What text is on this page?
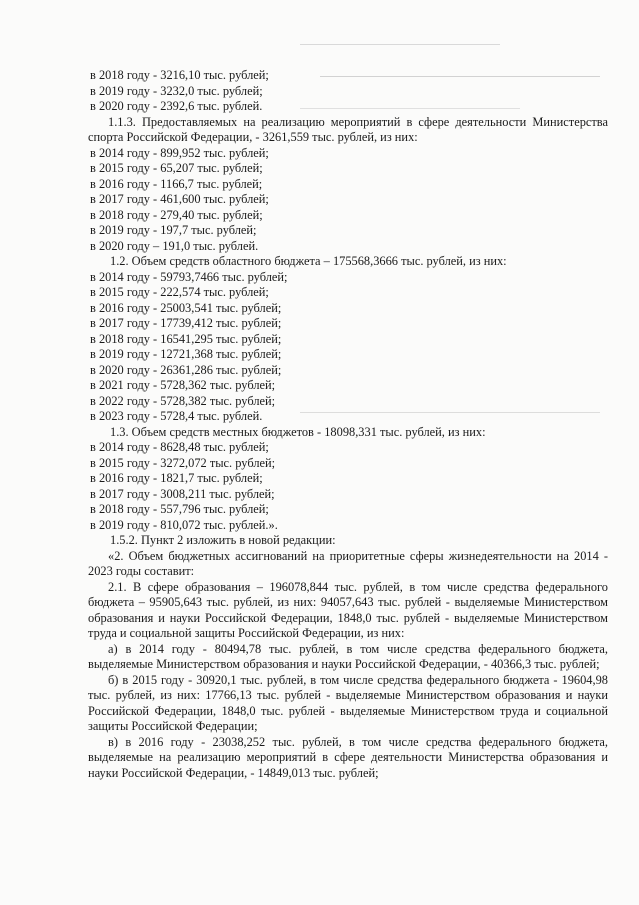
в 2018 году - 3216,10 тыс. рублей;
в 2019 году - 3232,0 тыс. рублей;
в 2020 году - 2392,6 тыс. рублей.

1.1.3. Предоставляемых на реализацию мероприятий в сфере деятельности Министерства спорта Российской Федерации, - 3261,559 тыс. рублей, из них:

в 2014 году - 899,952 тыс. рублей;
в 2015 году - 65,207 тыс. рублей;
в 2016 году - 1166,7 тыс. рублей;
в 2017 году - 461,600 тыс. рублей;
в 2018 году - 279,40 тыс. рублей;
в 2019 году - 197,7 тыс. рублей;
в 2020 году – 191,0 тыс. рублей.
1.2. Объем средств областного бюджета – 175568,3666 тыс. рублей, из них:
в 2014 году - 59793,7466 тыс. рублей;
в 2015 году - 222,574 тыс. рублей;
в 2016 году - 25003,541 тыс. рублей;
в 2017 году - 17739,412 тыс. рублей;
в 2018 году - 16541,295 тыс. рублей;
в 2019 году - 12721,368 тыс. рублей;
в 2020 году - 26361,286 тыс. рублей;
в 2021 году - 5728,362 тыс. рублей;
в 2022 году - 5728,382 тыс. рублей;
в 2023 году - 5728,4 тыс. рублей.
1.3. Объем средств местных бюджетов - 18098,331 тыс. рублей, из них:
в 2014 году - 8628,48 тыс. рублей;
в 2015 году - 3272,072 тыс. рублей;
в 2016 году - 1821,7 тыс. рублей;
в 2017 году - 3008,211 тыс. рублей;
в 2018 году - 557,796 тыс. рублей;
в 2019 году - 810,072 тыс. рублей.».
1.5.2. Пункт 2 изложить в новой редакции:

«2. Объем бюджетных ассигнований на приоритетные сферы жизнедеятельности на 2014 - 2023 годы составит:

2.1. В сфере образования – 196078,844 тыс. рублей, в том числе средства федерального бюджета – 95905,643 тыс. рублей, из них: 94057,643 тыс. рублей - выделяемые Министерством образования и науки Российской Федерации, 1848,0 тыс. рублей - выделяемые Министерством труда и социальной защиты Российской Федерации, из них:

а) в 2014 году - 80494,78 тыс. рублей, в том числе средства федерального бюджета, выделяемые Министерством образования и науки Российской Федерации, - 40366,3 тыс. рублей;

б) в 2015 году - 30920,1 тыс. рублей, в том числе средства федерального бюджета - 19604,98 тыс. рублей, из них: 17766,13 тыс. рублей - выделяемые Министерством образования и науки Российской Федерации, 1848,0 тыс. рублей - выделяемые Министерством труда и социальной защиты Российской Федерации;

в) в 2016 году - 23038,252 тыс. рублей, в том числе средства федерального бюджета, выделяемые на реализацию мероприятий в сфере деятельности Министерства образования и науки Российской Федерации, - 14849,013 тыс. рублей;
